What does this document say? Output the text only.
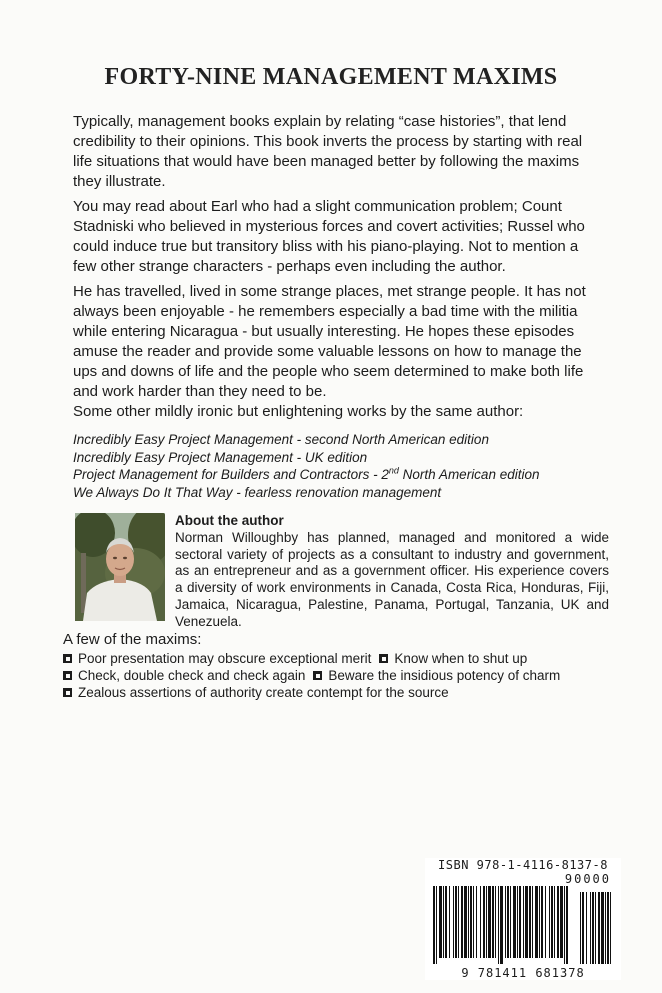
FORTY-NINE MANAGEMENT MAXIMS

Typically, management books explain by relating “case histories”, that lend credibility to their opinions. This book inverts the process by starting with real life situations that would have been managed better by following the maxims they illustrate.

You may read about Earl who had a slight communication problem; Count Stadniski who believed in mysterious forces and covert activities; Russel who could induce true but transitory bliss with his piano-playing. Not to mention a few other strange characters - perhaps even including the author.

He has travelled, lived in some strange places, met strange people. It has not always been enjoyable - he remembers especially a bad time with the militia while entering Nicaragua - but usually interesting. He hopes these episodes amuse the reader and provide some valuable lessons on how to manage the ups and downs of life and the people who seem determined to make both life and work harder than they need to be.

Some other mildly ironic but enlightening works by the same author:

Incredibly Easy Project Management - second North American edition
Incredibly Easy Project Management - UK edition
Project Management for Builders and Contractors - 2nd North American edition
We Always Do It That Way - fearless renovation management
About the author
Norman Willoughby has planned, managed and monitored a wide sectoral variety of projects as a consultant to industry and government, as an entrepreneur and as a government officer. His experience covers a diversity of work environments in Canada, Costa Rica, Honduras, Fiji, Jamaica, Nicaragua, Palestine, Panama, Portugal, Tanzania, UK and Venezuela.
A few of the maxims:
Poor presentation may obscure exceptional merit Know when to shut up
Check, double check and check again Beware the insidious potency of charm
Zealous assertions of authority create contempt for the source
ISBN 978-1-4116-8137-8
90000
9 781411 681378
